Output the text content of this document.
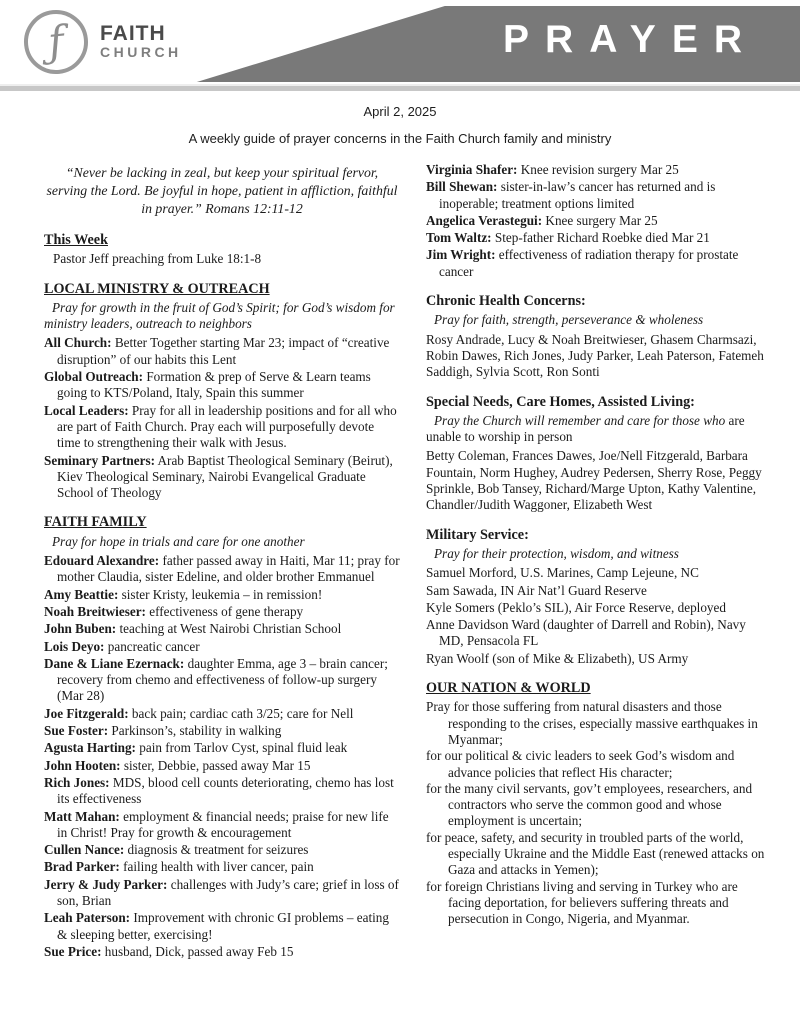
PRAYER
ƒ	FAITH
CHURCH
April 2, 2025
A weekly guide of prayer concerns in the Faith Church family and ministry

“Never be lacking in zeal, but keep your spiritual fervor, serving the Lord. Be joyful in hope, patient in affliction, faithful in prayer.” Romans 12:11-12

This Week

Pastor Jeff preaching from Luke 18:1-8

LOCAL MINISTRY & OUTREACH

Pray for growth in the fruit of God’s Spirit; for God’s wisdom for ministry leaders, outreach to neighbors

All Church: Better Together starting Mar 23; impact of “creative disruption” of our habits this Lent

Global Outreach: Formation & prep of Serve & Learn teams going to KTS/Poland, Italy, Spain this summer

Local Leaders: Pray for all in leadership positions and for all who are part of Faith Church. Pray each will purposefully devote time to strengthening their walk with Jesus.

Seminary Partners: Arab Baptist Theological Seminary (Beirut), Kiev Theological Seminary, Nairobi Evangelical Graduate School of Theology

FAITH FAMILY

Pray for hope in trials and care for one another

Edouard Alexandre: father passed away in Haiti, Mar 11; pray for mother Claudia, sister Edeline, and older brother Emmanuel

Amy Beattie: sister Kristy, leukemia – in remission!

Noah Breitwieser: effectiveness of gene therapy

John Buben: teaching at West Nairobi Christian School

Lois Deyo: pancreatic cancer

Dane & Liane Ezernack: daughter Emma, age 3 – brain cancer; recovery from chemo and effectiveness of follow-up surgery (Mar 28)

Joe Fitzgerald: back pain; cardiac cath 3/25; care for Nell

Sue Foster: Parkinson’s, stability in walking

Agusta Harting: pain from Tarlov Cyst, spinal fluid leak

John Hooten: sister, Debbie, passed away Mar 15

Rich Jones: MDS, blood cell counts deteriorating, chemo has lost its effectiveness

Matt Mahan: employment & financial needs; praise for new life in Christ! Pray for growth & encouragement

Cullen Nance: diagnosis & treatment for seizures

Brad Parker: failing health with liver cancer, pain

Jerry & Judy Parker: challenges with Judy’s care; grief in loss of son, Brian

Leah Paterson: Improvement with chronic GI problems – eating & sleeping better, exercising!

Sue Price: husband, Dick, passed away Feb 15

Virginia Shafer: Knee revision surgery Mar 25

Bill Shewan: sister-in-law’s cancer has returned and is inoperable; treatment options limited

Angelica Verastegui: Knee surgery Mar 25

Tom Waltz: Step-father Richard Roebke died Mar 21

Jim Wright: effectiveness of radiation therapy for prostate cancer

Chronic Health Concerns:

Pray for faith, strength, perseverance & wholeness

Rosy Andrade, Lucy & Noah Breitwieser, Ghasem Charmsazi, Robin Dawes, Rich Jones, Judy Parker, Leah Paterson, Fatemeh Saddigh, Sylvia Scott, Ron Sonti

Special Needs, Care Homes, Assisted Living:

Pray the Church will remember and care for those who are unable to worship in person

Betty Coleman, Frances Dawes, Joe/Nell Fitzgerald, Barbara Fountain, Norm Hughey, Audrey Pedersen, Sherry Rose, Peggy Sprinkle, Bob Tansey, Richard/Marge Upton, Kathy Valentine, Chandler/Judith Waggoner, Elizabeth West

Military Service:

Pray for their protection, wisdom, and witness

Samuel Morford, U.S. Marines, Camp Lejeune, NC

Sam Sawada, IN Air Nat’l Guard Reserve

Kyle Somers (Peklo’s SIL), Air Force Reserve, deployed

Anne Davidson Ward (daughter of Darrell and Robin), Navy MD, Pensacola FL

Ryan Woolf (son of Mike & Elizabeth), US Army

OUR NATION & WORLD

Pray for those suffering from natural disasters and those responding to the crises, especially massive earthquakes in Myanmar;

for our political & civic leaders to seek God’s wisdom and advance policies that reflect His character;

for the many civil servants, gov’t employees, researchers, and contractors who serve the common good and whose employment is uncertain;

for peace, safety, and security in troubled parts of the world, especially Ukraine and the Middle East (renewed attacks on Gaza and attacks in Yemen);

for foreign Christians living and serving in Turkey who are facing deportation, for believers suffering threats and persecution in Congo, Nigeria, and Myanmar.
